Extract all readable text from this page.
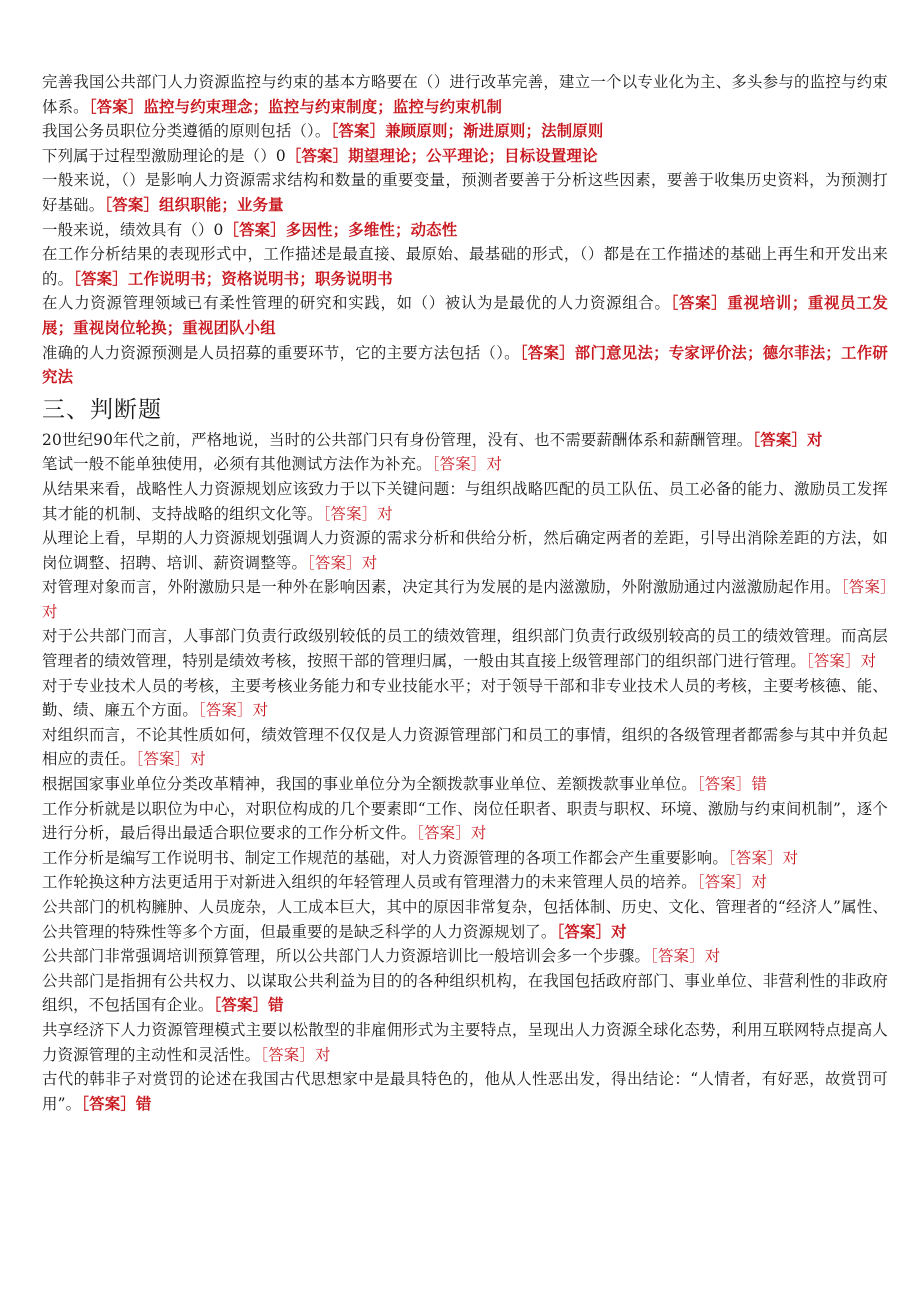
完善我国公共部门人力资源监控与约束的基本方略要在（）进行改革完善，建立一个以专业化为主、多头参与的监控与约束体系。［答案］监控与约束理念；监控与约束制度；监控与约束机制

我国公务员职位分类遵循的原则包括（）。［答案］兼顾原则；渐进原则；法制原则

下列属于过程型激励理论的是（）0［答案］期望理论；公平理论；目标设置理论

一般来说，（）是影响人力资源需求结构和数量的重要变量，预测者要善于分析这些因素，要善于收集历史资料，为预测打好基础。［答案］组织职能；业务量

一般来说，绩效具有（）0［答案］多因性；多维性；动态性

在工作分析结果的表现形式中，工作描述是最直接、最原始、最基础的形式，（）都是在工作描述的基础上再生和开发出来的。［答案］工作说明书；资格说明书；职务说明书

在人力资源管理领域已有柔性管理的研究和实践，如（）被认为是最优的人力资源组合。［答案］重视培训；重视员工发展；重视岗位轮换；重视团队小组

准确的人力资源预测是人员招募的重要环节，它的主要方法包括（）。［答案］部门意见法；专家评价法；德尔菲法；工作研究法

三、判断题

20世纪90年代之前，严格地说，当时的公共部门只有身份管理，没有、也不需要薪酬体系和薪酬管理。［答案］对

笔试一般不能单独使用，必须有其他测试方法作为补充。［答案］对

从结果来看，战略性人力资源规划应该致力于以下关键问题：与组织战略匹配的员工队伍、员工必备的能力、激励员工发挥其才能的机制、支持战略的组织文化等。［答案］对

从理论上看，早期的人力资源规划强调人力资源的需求分析和供给分析，然后确定两者的差距，引导出消除差距的方法，如岗位调整、招聘、培训、薪资调整等。［答案］对

对管理对象而言，外附激励只是一种外在影响因素，决定其行为发展的是内滋激励，外附激励通过内滋激励起作用。［答案］对

对于公共部门而言，人事部门负责行政级别较低的员工的绩效管理，组织部门负责行政级别较高的员工的绩效管理。而高层管理者的绩效管理，特别是绩效考核，按照干部的管理归属，一般由其直接上级管理部门的组织部门进行管理。［答案］对

对于专业技术人员的考核，主要考核业务能力和专业技能水平；对于领导干部和非专业技术人员的考核，主要考核德、能、勤、绩、廉五个方面。［答案］对

对组织而言，不论其性质如何，绩效管理不仅仅是人力资源管理部门和员工的事情，组织的各级管理者都需参与其中并负起相应的责任。［答案］对

根据国家事业单位分类改革精神，我国的事业单位分为全额拨款事业单位、差额拨款事业单位。［答案］错

工作分析就是以职位为中心，对职位构成的几个要素即“工作、岗位任职者、职责与职权、环境、激励与约束间机制”，逐个进行分析，最后得出最适合职位要求的工作分析文件。［答案］对

工作分析是编写工作说明书、制定工作规范的基础，对人力资源管理的各项工作都会产生重要影响。［答案］对

工作轮换这种方法更适用于对新进入组织的年轻管理人员或有管理潜力的未来管理人员的培养。［答案］对

公共部门的机构臃肿、人员庞杂，人工成本巨大，其中的原因非常复杂，包括体制、历史、文化、管理者的“经济人”属性、公共管理的特殊性等多个方面，但最重要的是缺乏科学的人力资源规划了。［答案］对

公共部门非常强调培训预算管理，所以公共部门人力资源培训比一般培训会多一个步骤。［答案］对

公共部门是指拥有公共权力、以谋取公共利益为目的的各种组织机构，在我国包括政府部门、事业单位、非营利性的非政府组织，不包括国有企业。［答案］错

共享经济下人力资源管理模式主要以松散型的非雇佣形式为主要特点，呈现出人力资源全球化态势，利用互联网特点提高人力资源管理的主动性和灵活性。［答案］对

古代的韩非子对赏罚的论述在我国古代思想家中是最具特色的，他从人性恶出发，得出结论：“人情者，有好恶，故赏罚可用”。［答案］错
